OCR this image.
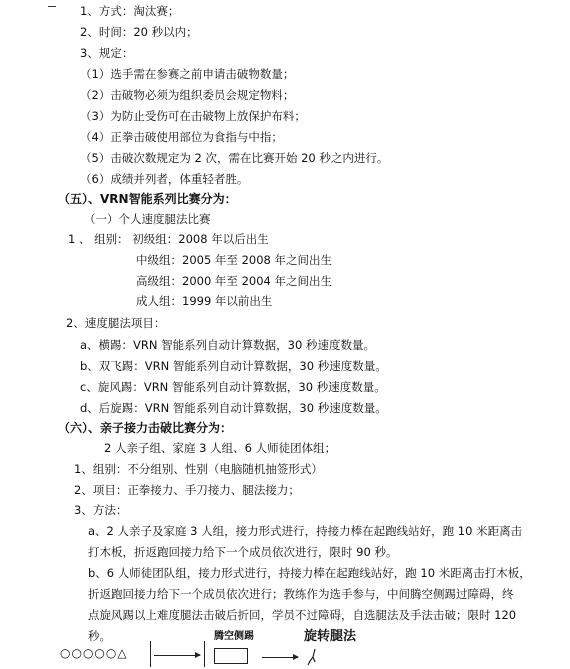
1、方式：淘汰赛；
2、时间：20 秒以内；
3、规定：
（1）选手需在参赛之前申请击破物数量；
（2）击破物必须为组织委员会规定物料；
（3）为防止受伤可在击破物上放保护布料；
（4）正拳击破使用部位为食指与中指；
（5）击破次数规定为 2 次，需在比赛开始 20 秒之内进行。
（6）成绩并列者，体重轻者胜。
（五）、VRN智能系列比赛分为：
（一）个人速度腿法比赛
1 、 组别： 初级组：2008 年以后出生
中级组：2005 年至 2008 年之间出生
高级组：2000 年至 2004 年之间出生
成人组：1999 年以前出生
2、速度腿法项目：
a、横踢：VRN 智能系列自动计算数据，30 秒速度数量。
b、双飞踢：VRN 智能系列自动计算数据，30 秒速度数量。
c、旋风踢：VRN 智能系列自动计算数据，30 秒速度数量。
d、后旋踢：VRN 智能系列自动计算数据，30 秒速度数量。
（六）、亲子接力击破比赛分为：
2 人亲子组、家庭 3 人组、6 人师徒团体组；
1、组别：不分组别、性别（电脑随机抽签形式）
2、项目：正拳接力、手刀接力、腿法接力；
3、方法：
a、2 人亲子及家庭 3 人组，接力形式进行，持接力棒在起跑线站好，跑 10 米距离击
打木板，折返跑回接力给下一个成员依次进行，限时 90 秒。
b、6 人师徒团队组，接力形式进行，持接力棒在起跑线站好，跑 10 米距离击打木板，
折返跑回接力给下一个成员依次进行；教练作为选手参与，中间腾空侧踢过障碍，终
点旋风踢以上难度腿法击破后折回，学员不过障碍，自选腿法及手法击破；限时 120
秒。	腾空侧踢	旋转腿法
○○○○○△
